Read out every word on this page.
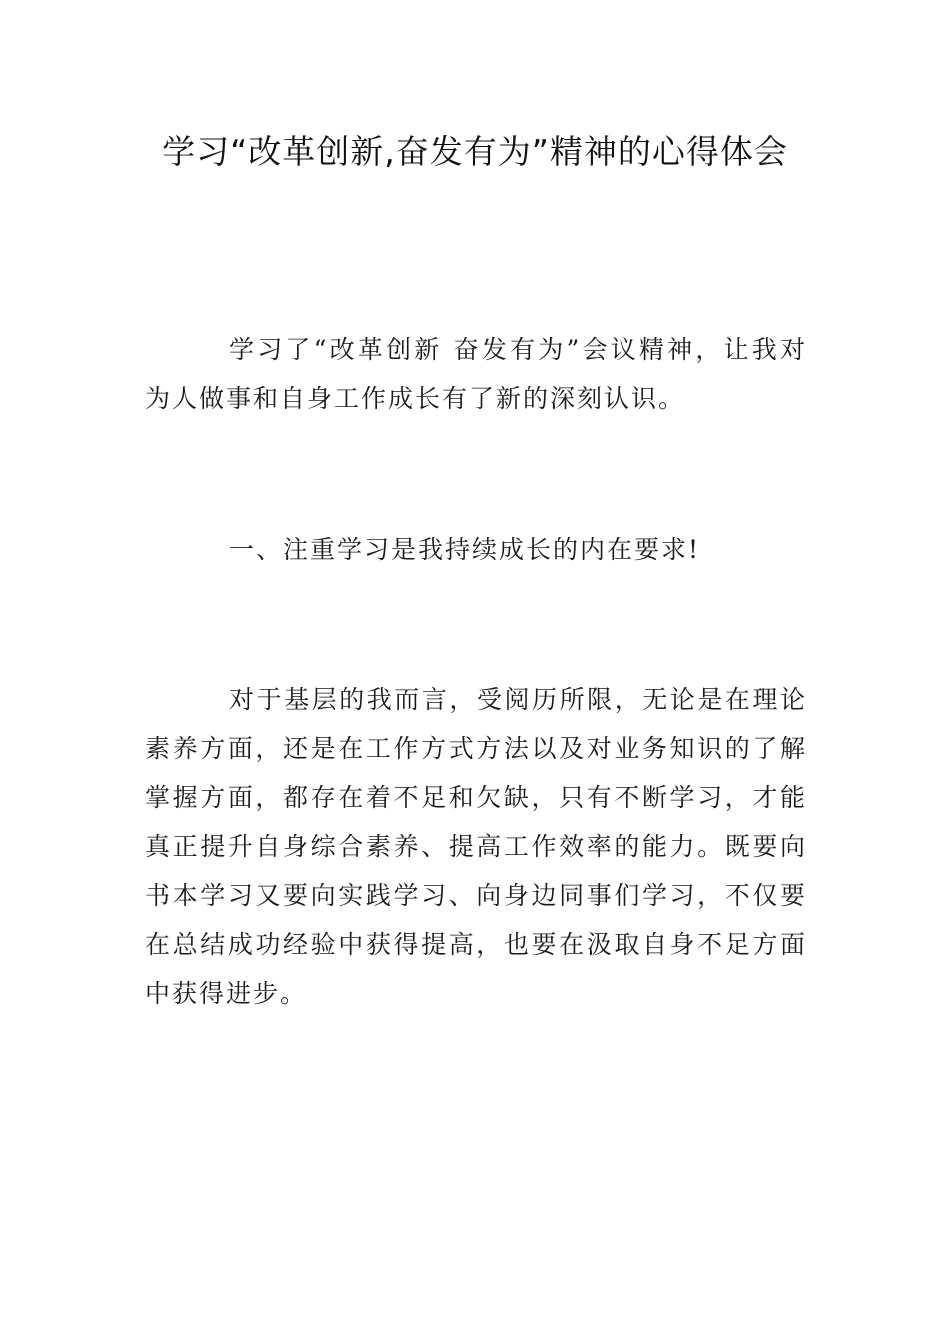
学习“改革创新,奋发有为”精神的心得体会

学习了“改革创新 奋发有为”会议精神，让我对为人做事和自身工作成长有了新的深刻认识。

一、注重学习是我持续成长的内在要求!

对于基层的我而言，受阅历所限，无论是在理论素养方面，还是在工作方式方法以及对业务知识的了解掌握方面，都存在着不足和欠缺，只有不断学习，才能真正提升自身综合素养、提高工作效率的能力。既要向书本学习又要向实践学习、向身边同事们学习，不仅要在总结成功经验中获得提高，也要在汲取自身不足方面中获得进步。
